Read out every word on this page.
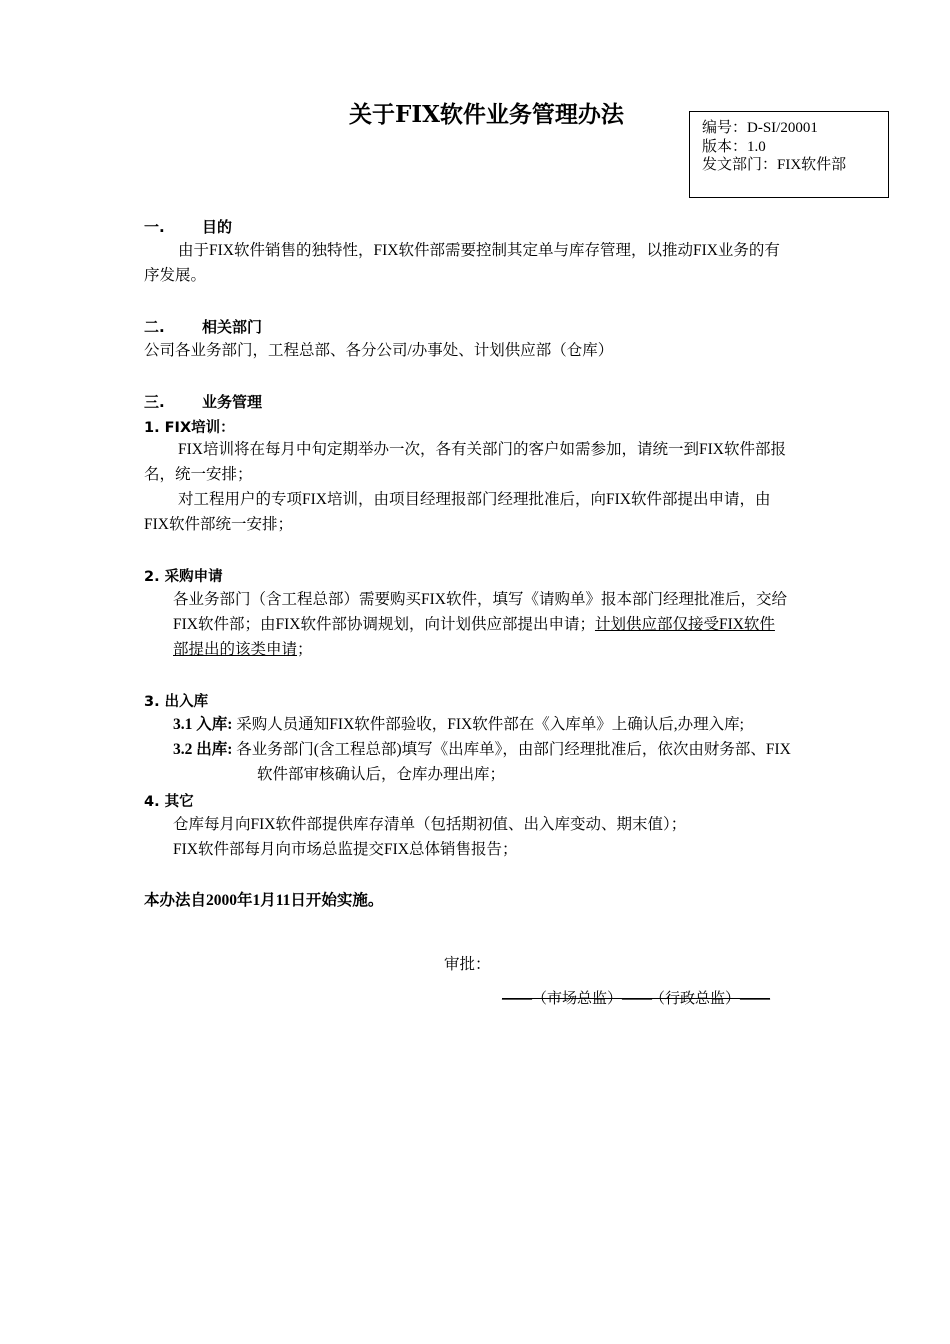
关于FIX软件业务管理办法	编号：D-SI/20001
版本：1.0
发文部门：FIX软件部
一. 目的
由于FIX软件销售的独特性，FIX软件部需要控制其定单与库存管理，以推动FIX业务的有
序发展。
二. 相关部门
公司各业务部门，工程总部、各分公司/办事处、计划供应部（仓库）
三. 业务管理
1. FIX培训：
FIX培训将在每月中旬定期举办一次，各有关部门的客户如需参加，请统一到FIX软件部报
名，统一安排；
对工程用户的专项FIX培训，由项目经理报部门经理批准后，向FIX软件部提出申请，由
FIX软件部统一安排；
2. 采购申请
各业务部门（含工程总部）需要购买FIX软件，填写《请购单》报本部门经理批准后，交给
FIX软件部；由FIX软件部协调规划，向计划供应部提出申请；计划供应部仅接受FIX软件
部提出的该类申请；
3. 出入库
3.1 入库: 采购人员通知FIX软件部验收，FIX软件部在《入库单》上确认后,办理入库;
3.2 出库: 各业务部门(含工程总部)填写《出库单》，由部门经理批准后，依次由财务部、FIX
软件部审核确认后，仓库办理出库；
4. 其它
仓库每月向FIX软件部提供库存清单（包括期初值、出入库变动、期末值）；
FIX软件部每月向市场总监提交FIX总体销售报告；
本办法自2000年1月11日开始实施。
审批：
——（市场总监）——
（行政总监）——
